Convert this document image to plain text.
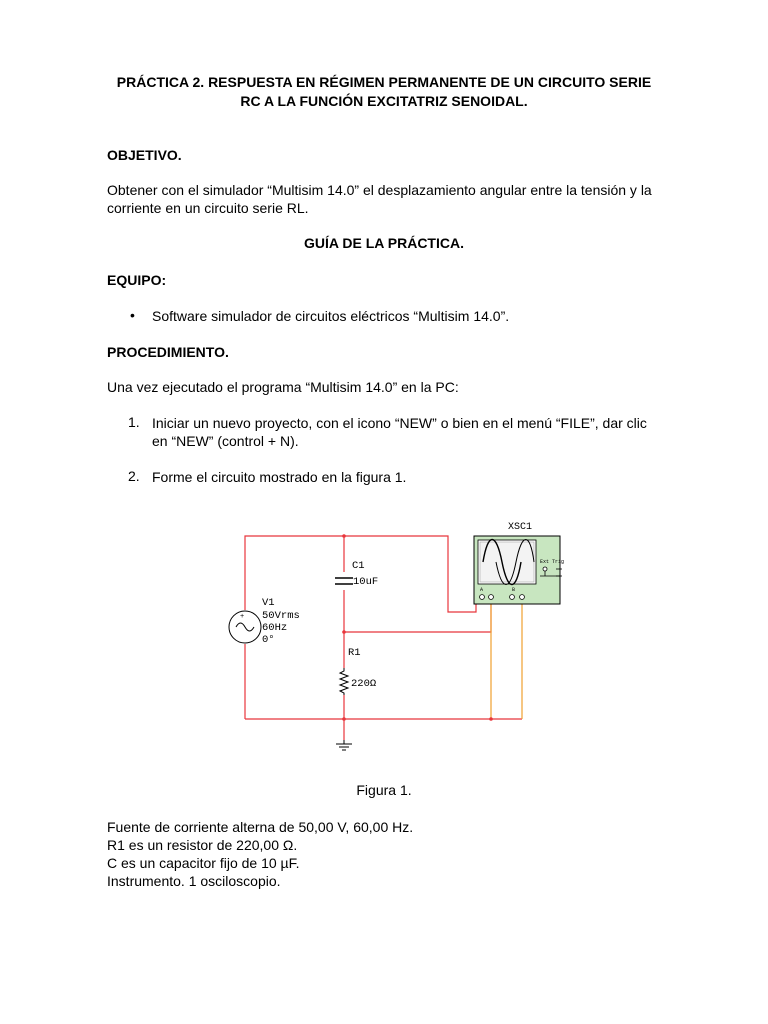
PRÁCTICA 2. RESPUESTA EN RÉGIMEN PERMANENTE DE UN CIRCUITO SERIE
RC A LA FUNCIÓN EXCITATRIZ SENOIDAL.
OBJETIVO.
Obtener con el simulador “Multisim 14.0” el desplazamiento angular entre la tensión y la
corriente en un circuito serie RL.
GUÍA DE LA PRÁCTICA.
EQUIPO:
• Software simulador de circuitos eléctricos “Multisim 14.0”.
PROCEDIMIENTO.
Una vez ejecutado el programa “Multisim 14.0” en la PC:
1. Iniciar un nuevo proyecto, con el icono “NEW” o bien en el menú “FILE”, dar clic
en “NEW” (control + N).
2. Forme el circuito mostrado en la figura 1.
+
XSC1
Ext Trig
A	B
V1
50Vrms
60Hz
0°
C1
10uF
R1
220Ω
Figura 1.
Fuente de corriente alterna de 50,00 V, 60,00 Hz.
R1 es un resistor de 220,00 Ω.
C es un capacitor fijo de 10 µF.
Instrumento. 1 osciloscopio.
